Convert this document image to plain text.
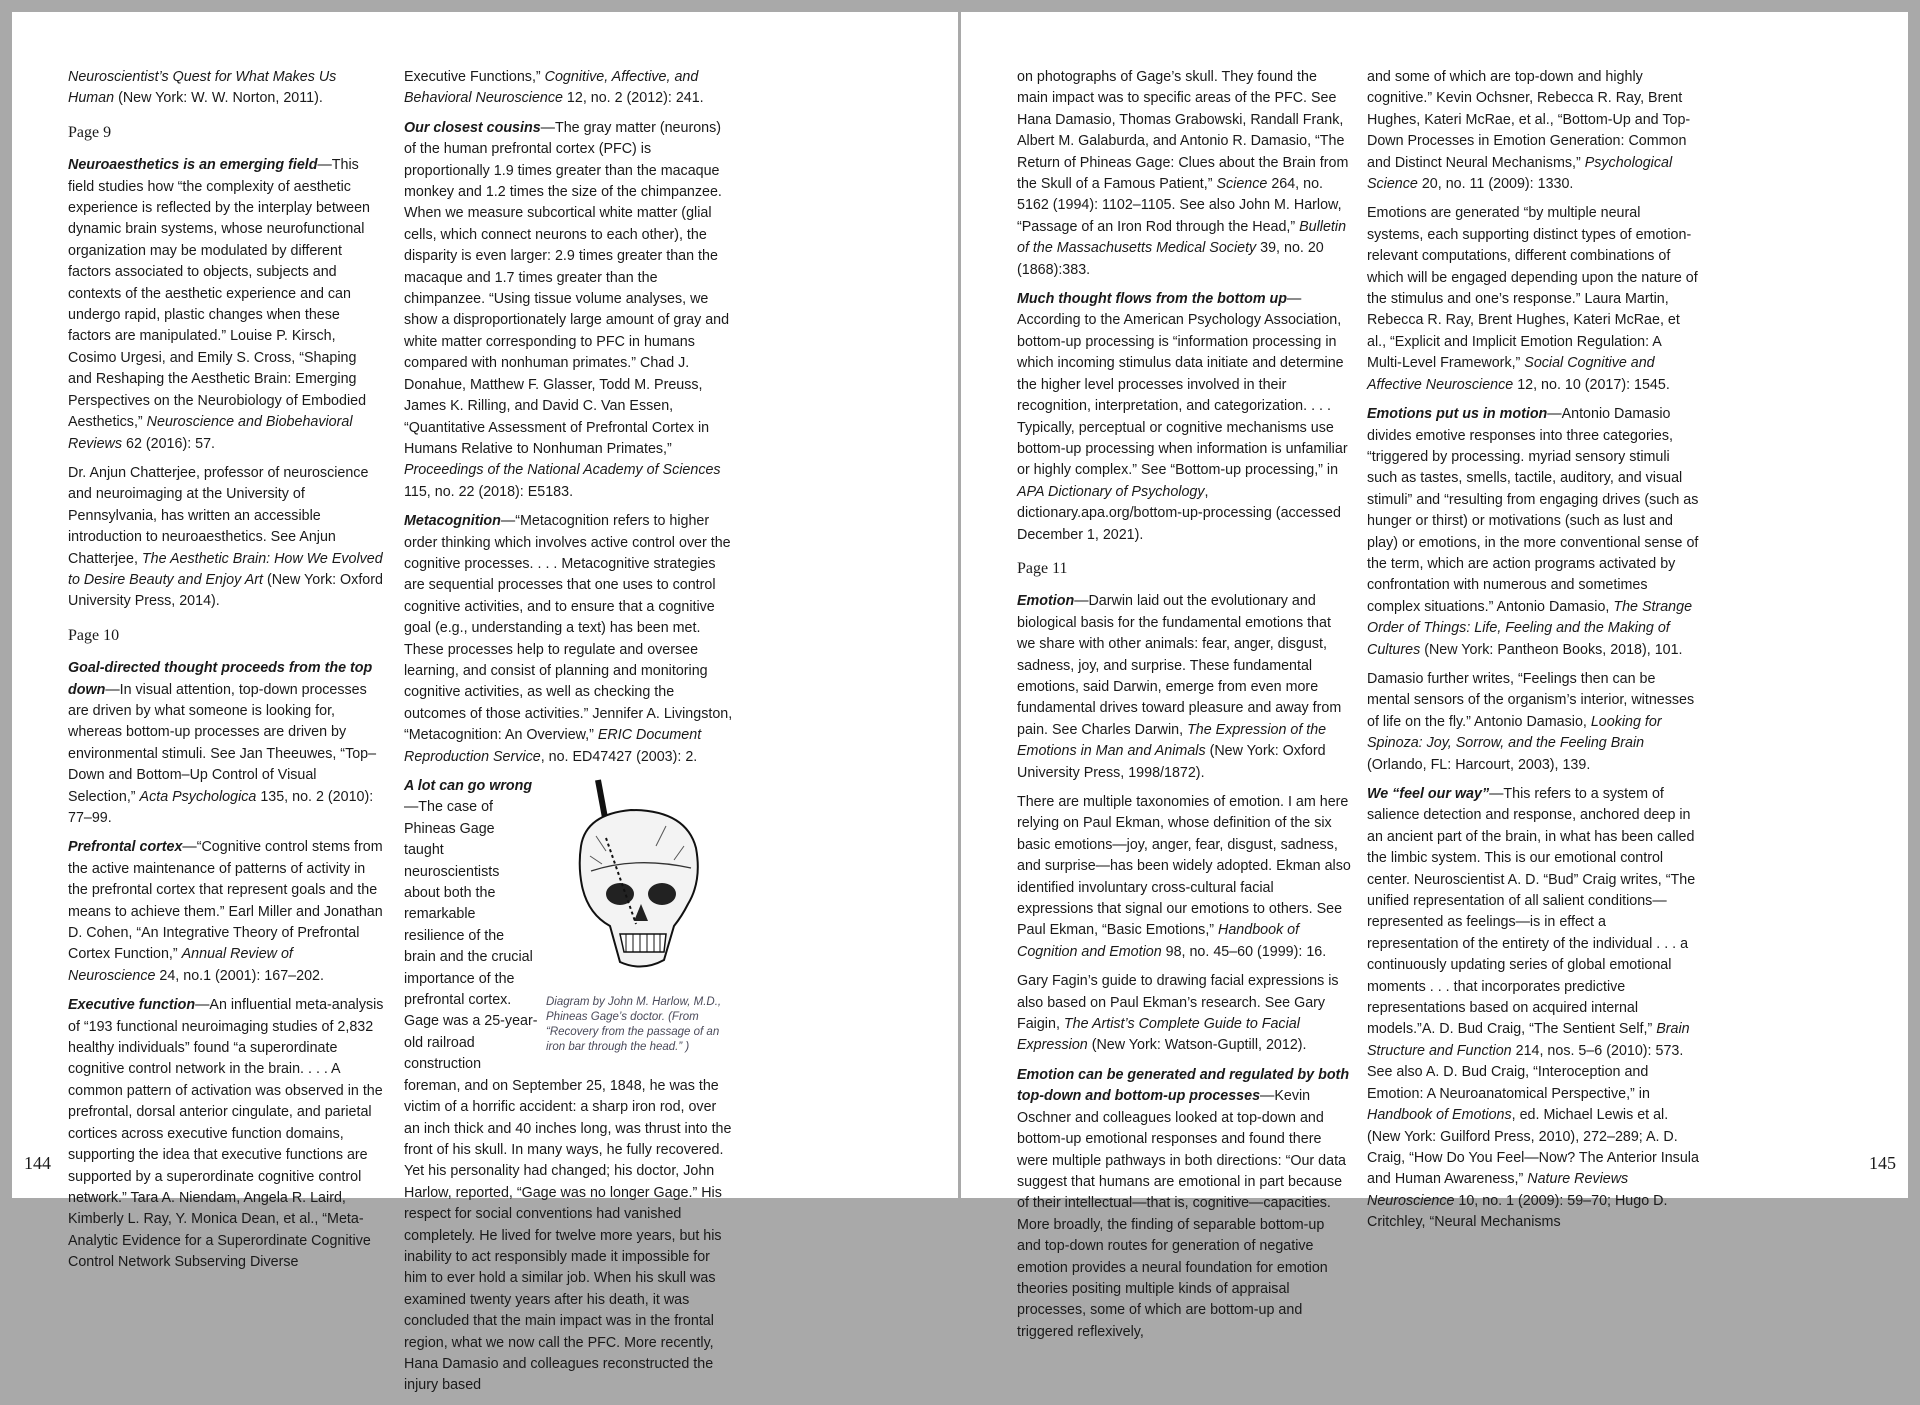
Neuroscientist’s Quest for What Makes Us Human (New York: W. W. Norton, 2011).

Page 9

Neuroaesthetics is an emerging field—This field studies how “the complexity of aesthetic experience is reflected by the interplay between dynamic brain systems, whose neurofunctional organization may be modulated by different factors associated to objects, subjects and contexts of the aesthetic experience and can undergo rapid, plastic changes when these factors are manipulated.” Louise P. Kirsch, Cosimo Urgesi, and Emily S. Cross, “Shaping and Reshaping the Aesthetic Brain: Emerging Perspectives on the Neurobiology of Embodied Aesthetics,” Neuroscience and Biobehavioral Reviews 62 (2016): 57.

Dr. Anjun Chatterjee, professor of neuroscience and neuroimaging at the University of Pennsylvania, has written an accessible introduction to neuroaesthetics. See Anjun Chatterjee, The Aesthetic Brain: How We Evolved to Desire Beauty and Enjoy Art (New York: Oxford University Press, 2014).

Page 10

Goal-directed thought proceeds from the top down—In visual attention, top-down processes are driven by what someone is looking for, whereas bottom-up processes are driven by environmental stimuli. See Jan Theeuwes, “Top–Down and Bottom–Up Control of Visual Selection,” Acta Psychologica 135, no. 2 (2010): 77–99.

Prefrontal cortex—“Cognitive control stems from the active maintenance of patterns of activity in the prefrontal cortex that represent goals and the means to achieve them.” Earl Miller and Jonathan D. Cohen, “An Integrative Theory of Prefrontal Cortex Function,” Annual Review of Neuroscience 24, no.1 (2001): 167–202.

Executive function—An influential meta-analysis of “193 functional neuroimaging studies of 2,832 healthy individuals” found “a superordinate cognitive control network in the brain. . . . A common pattern of activation was observed in the prefrontal, dorsal anterior cingulate, and parietal cortices across executive function domains, supporting the idea that executive functions are supported by a superordinate cognitive control network.” Tara A. Niendam, Angela R. Laird, Kimberly L. Ray, Y. Monica Dean, et al., “Meta-Analytic Evidence for a Superordinate Cognitive Control Network Subserving Diverse

Executive Functions,” Cognitive, Affective, and Behavioral Neuroscience 12, no. 2 (2012): 241.

Our closest cousins—The gray matter (neurons) of the human prefrontal cortex (PFC) is proportionally 1.9 times greater than the macaque monkey and 1.2 times the size of the chimpanzee. When we measure subcortical white matter (glial cells, which connect neurons to each other), the disparity is even larger: 2.9 times greater than the macaque and 1.7 times greater than the chimpanzee. “Using tissue volume analyses, we show a disproportionately large amount of gray and white matter corresponding to PFC in humans compared with nonhuman primates.” Chad J. Donahue, Matthew F. Glasser, Todd M. Preuss, James K. Rilling, and David C. Van Essen, “Quantitative Assessment of Prefrontal Cortex in Humans Relative to Nonhuman Primates,” Proceedings of the National Academy of Sciences 115, no. 22 (2018): E5183.

Metacognition—“Metacognition refers to higher order thinking which involves active control over the cognitive processes. . . . Metacognitive strategies are sequential processes that one uses to control cognitive activities, and to ensure that a cognitive goal (e.g., understanding a text) has been met. These processes help to regulate and oversee learning, and consist of planning and monitoring cognitive activities, as well as checking the outcomes of those activities.” Jennifer A. Livingston, “Metacognition: An Overview,” ERIC Document Reproduction Service, no. ED47427 (2003): 2.

Diagram by John M. Harlow, M.D., Phineas Gage’s doctor. (From “Recovery from the passage of an iron bar through the head.” )

A lot can go wrong—The case of Phineas Gage taught neuroscientists about both the remarkable resilience of the brain and the crucial importance of the prefrontal cortex. Gage was a 25-year-old railroad construction foreman, and on September 25, 1848, he was the victim of a horrific accident: a sharp iron rod, over an inch thick and 40 inches long, was thrust into the front of his skull. In many ways, he fully recovered. Yet his personality had changed; his doctor, John Harlow, reported, “Gage was no longer Gage.” His respect for social conventions had vanished completely. He lived for twelve more years, but his inability to act responsibly made it impossible for him to ever hold a similar job. When his skull was examined twenty years after his death, it was concluded that the main impact was in the frontal region, what we now call the PFC. More recently, Hana Damasio and colleagues reconstructed the injury based

144

on photographs of Gage’s skull. They found the main impact was to specific areas of the PFC. See Hana Damasio, Thomas Grabowski, Randall Frank, Albert M. Galaburda, and Antonio R. Damasio, “The Return of Phineas Gage: Clues about the Brain from the Skull of a Famous Patient,” Science 264, no. 5162 (1994): 1102–1105. See also John M. Harlow, “Passage of an Iron Rod through the Head,” Bulletin of the Massachusetts Medical Society 39, no. 20 (1868):383.

Much thought flows from the bottom up—According to the American Psychology Association, bottom-up processing is “information processing in which incoming stimulus data initiate and determine the higher level processes involved in their recognition, interpretation, and categorization. . . . Typically, perceptual or cognitive mechanisms use bottom-up processing when information is unfamiliar or highly complex.” See “Bottom-up processing,” in APA Dictionary of Psychology, dictionary.apa.org/bottom-up-processing (accessed December 1, 2021).

Page 11

Emotion—Darwin laid out the evolutionary and biological basis for the fundamental emotions that we share with other animals: fear, anger, disgust, sadness, joy, and surprise. These fundamental emotions, said Darwin, emerge from even more fundamental drives toward pleasure and away from pain. See Charles Darwin, The Expression of the Emotions in Man and Animals (New York: Oxford University Press, 1998/1872).

There are multiple taxonomies of emotion. I am here relying on Paul Ekman, whose definition of the six basic emotions—joy, anger, fear, disgust, sadness, and surprise—has been widely adopted. Ekman also identified involuntary cross-cultural facial expressions that signal our emotions to others. See Paul Ekman, “Basic Emotions,” Handbook of Cognition and Emotion 98, no. 45–60 (1999): 16.

Gary Fagin’s guide to drawing facial expressions is also based on Paul Ekman’s research. See Gary Faigin, The Artist’s Complete Guide to Facial Expression (New York: Watson-Guptill, 2012).

Emotion can be generated and regulated by both top-down and bottom-up processes—Kevin Oschner and colleagues looked at top-down and bottom-up emotional responses and found there were multiple pathways in both directions: “Our data suggest that humans are emotional in part because of their intellectual—that is, cognitive—capacities. More broadly, the finding of separable bottom-up and top-down routes for generation of negative emotion provides a neural foundation for emotion theories positing multiple kinds of appraisal processes, some of which are bottom-up and triggered reflexively,

and some of which are top-down and highly cognitive.” Kevin Ochsner, Rebecca R. Ray, Brent Hughes, Kateri McRae, et al., “Bottom-Up and Top-Down Processes in Emotion Generation: Common and Distinct Neural Mechanisms,” Psychological Science 20, no. 11 (2009): 1330.

Emotions are generated “by multiple neural systems, each supporting distinct types of emotion-relevant computations, different combinations of which will be engaged depending upon the nature of the stimulus and one’s response.” Laura Martin, Rebecca R. Ray, Brent Hughes, Kateri McRae, et al., “Explicit and Implicit Emotion Regulation: A Multi-Level Framework,” Social Cognitive and Affective Neuroscience 12, no. 10 (2017): 1545.

Emotions put us in motion—Antonio Damasio divides emotive responses into three categories, “triggered by processing. myriad sensory stimuli such as tastes, smells, tactile, auditory, and visual stimuli” and “resulting from engaging drives (such as hunger or thirst) or motivations (such as lust and play) or emotions, in the more conventional sense of the term, which are action programs activated by confrontation with numerous and sometimes complex situations.” Antonio Damasio, The Strange Order of Things: Life, Feeling and the Making of Cultures (New York: Pantheon Books, 2018), 101.

Damasio further writes, “Feelings then can be mental sensors of the organism’s interior, witnesses of life on the fly.” Antonio Damasio, Looking for Spinoza: Joy, Sorrow, and the Feeling Brain (Orlando, FL: Harcourt, 2003), 139.

We “feel our way”—This refers to a system of salience detection and response, anchored deep in an ancient part of the brain, in what has been called the limbic system. This is our emotional control center. Neuroscientist A. D. “Bud” Craig writes, “The unified representation of all salient conditions—represented as feelings—is in effect a representation of the entirety of the individual . . . a continuously updating series of global emotional moments . . . that incorporates predictive representations based on acquired internal models.”A. D. Bud Craig, “The Sentient Self,” Brain Structure and Function 214, nos. 5–6 (2010): 573. See also A. D. Bud Craig, “Interoception and Emotion: A Neuroanatomical Perspective,” in Handbook of Emotions, ed. Michael Lewis et al. (New York: Guilford Press, 2010), 272–289; A. D. Craig, “How Do You Feel—Now? The Anterior Insula and Human Awareness,” Nature Reviews Neuroscience 10, no. 1 (2009): 59–70; Hugo D. Critchley, “Neural Mechanisms

145
